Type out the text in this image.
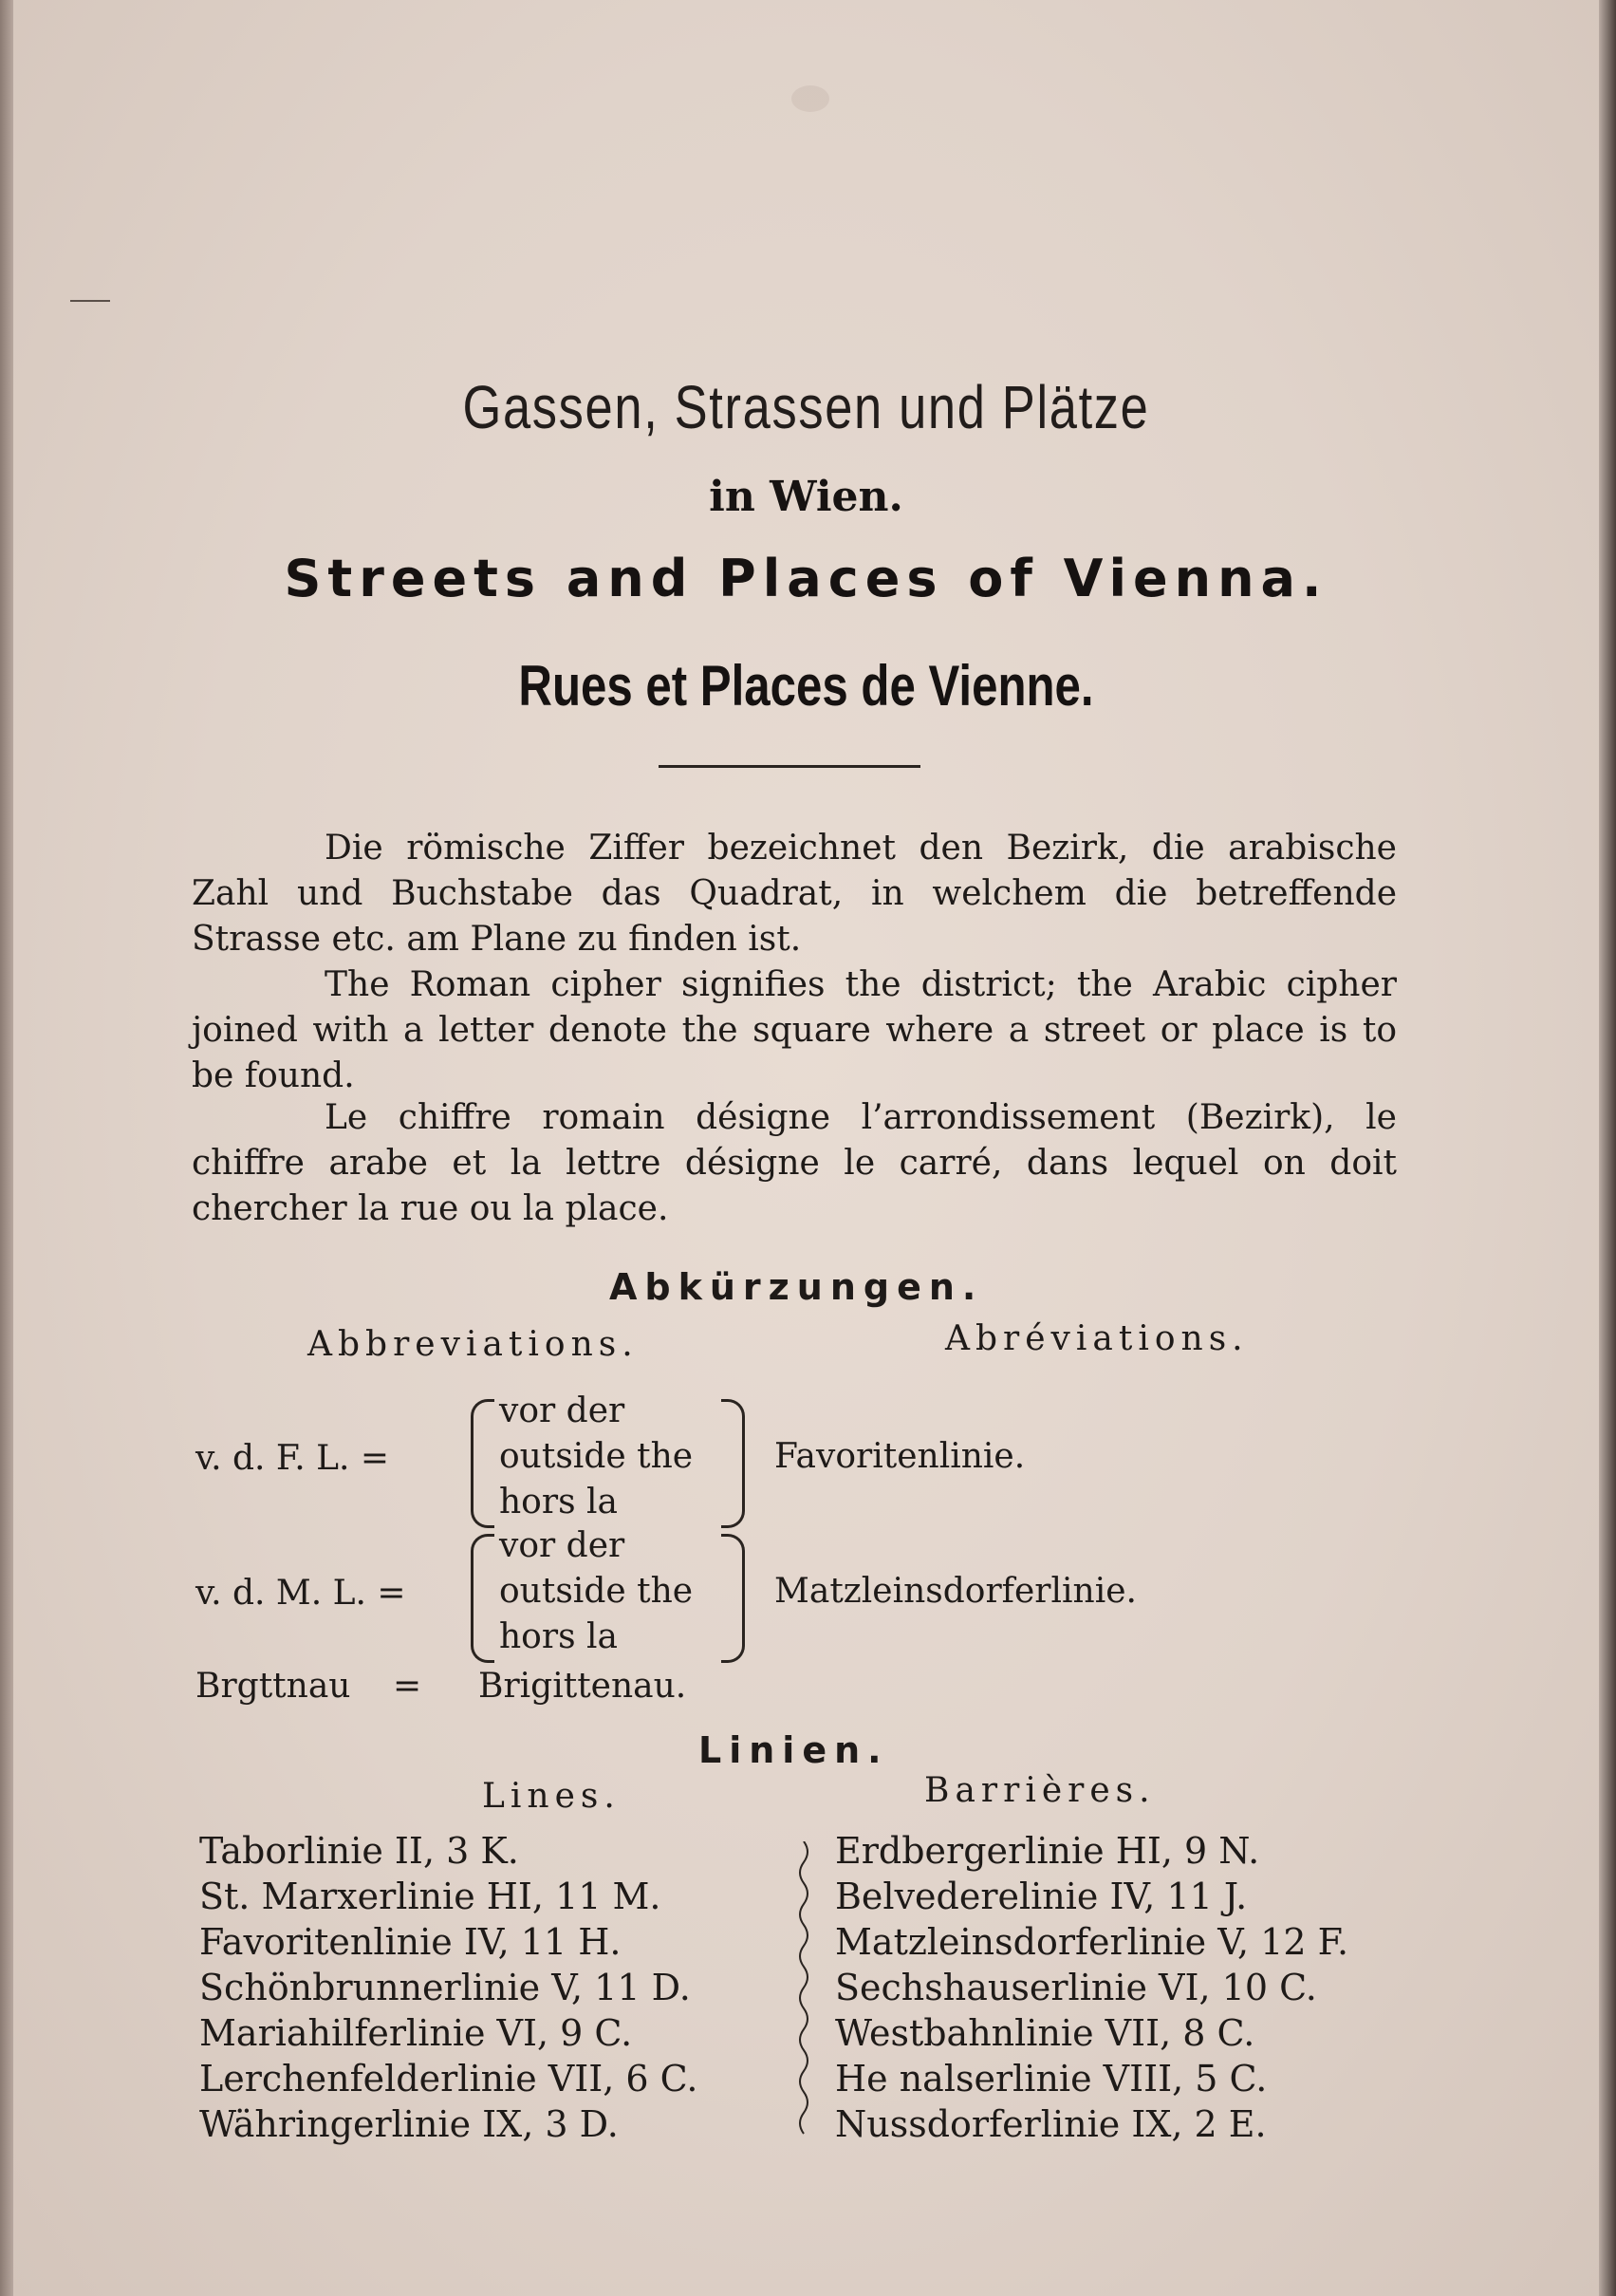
Gassen, Strassen und Plätze
in Wien.
Streets and Places of Vienna.
Rues et Places de Vienne.

Die römische Ziffer bezeichnet den Bezirk, die arabische Zahl und Buchstabe das Quadrat, in welchem die betreffende Strasse etc. am Plane zu finden ist.

The Roman cipher signifies the district; the Arabic cipher joined with a letter denote the square where a street or place is to be found.

Le chiffre romain désigne l’arrondissement (Bezirk), le chiffre arabe et la lettre désigne le carré, dans lequel on doit chercher la rue ou la place.

Abkürzungen.
Abbreviations.	Abréviations.
v. d. F. L. =
vor der
outside the
hors la
Favoritenlinie.
v. d. M. L. =
vor der
outside the
hors la
Matzleinsdorferlinie.
Brgttnau = Brigittenau.
Linien.
Lines.	Barrières.
Taborlinie II, 3 K.
St. Marxerlinie HI, 11 M.
Favoritenlinie IV, 11 H.
Schönbrunnerlinie V, 11 D.
Mariahilferlinie VI, 9 C.
Lerchenfelderlinie VII, 6 C.
Währingerlinie IX, 3 D.
Erdbergerlinie HI, 9 N.
Belvederelinie IV, 11 J.
Matzleinsdorferlinie V, 12 F.
Sechshauserlinie VI, 10 C.
Westbahnlinie VII, 8 C.
He nalserlinie VIII, 5 C.
Nussdorferlinie IX, 2 E.
